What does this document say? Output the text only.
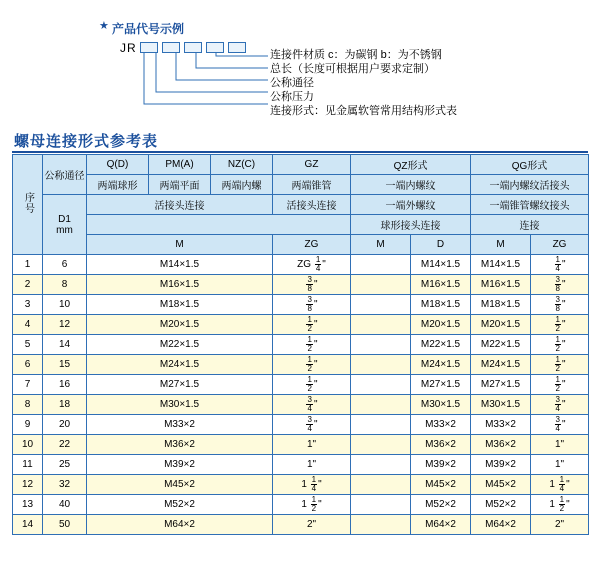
★ 产品代号示例
JR	连接件材质 c：为碳钢 b：为不锈钢
总长（长度可根据用户要求定制）
公称通径
公称压力
连接形式：见金属软管常用结构形式表
螺母连接形式参考表
序号	公称通径	Q(D)	PM(A)	NZ(C)	GZ	QZ形式		QG形式	
		两端球形	两端平面	两端内螺	两端锥管	一端内螺纹		一端内螺纹活接头	

	D1
mm	活接头连接			活接头连接	一端外螺纹		一端锥管螺纹接头	
						球形接头连接		连接	
		M			ZG	M	D	M	ZG
1	6	M14×1.5			ZG $\frac{1}{4}$ "		M14×1.5	M14×1.5	$\frac{1}{4}$ "
2	8	M16×1.5			$\frac{3}{8}$ "		M16×1.5	M16×1.5	$\frac{3}{8}$ "
3	10	M18×1.5			$\frac{3}{8}$ "		M18×1.5	M18×1.5	$\frac{3}{8}$ "
4	12	M20×1.5			$\frac{1}{2}$ "		M20×1.5	M20×1.5	$\frac{1}{2}$ "
5	14	M22×1.5			$\frac{1}{2}$ "		M22×1.5	M22×1.5	$\frac{1}{2}$ "
6	15	M24×1.5			$\frac{1}{2}$ "		M24×1.5	M24×1.5	$\frac{1}{2}$ "
7	16	M27×1.5			$\frac{1}{2}$ "		M27×1.5	M27×1.5	$\frac{1}{2}$ "
8	18	M30×1.5			$\frac{3}{4}$ "		M30×1.5	M30×1.5	$\frac{3}{4}$ "
9	20	M33×2			$\frac{3}{4}$ "		M33×2	M33×2	$\frac{3}{4}$ "
10	22	M36×2			1"		M36×2	M36×2	1"
11	25	M39×2			1"		M39×2	M39×2	1"
12	32	M45×2			$1 \frac{1}{4}$ "		M45×2	M45×2	$1 \frac{1}{4}$ "
13	40	M52×2			$1 \frac{1}{2}$ "		M52×2	M52×2	$1 \frac{1}{2}$ "
14	50	M64×2			2"		M64×2	M64×2	2"
